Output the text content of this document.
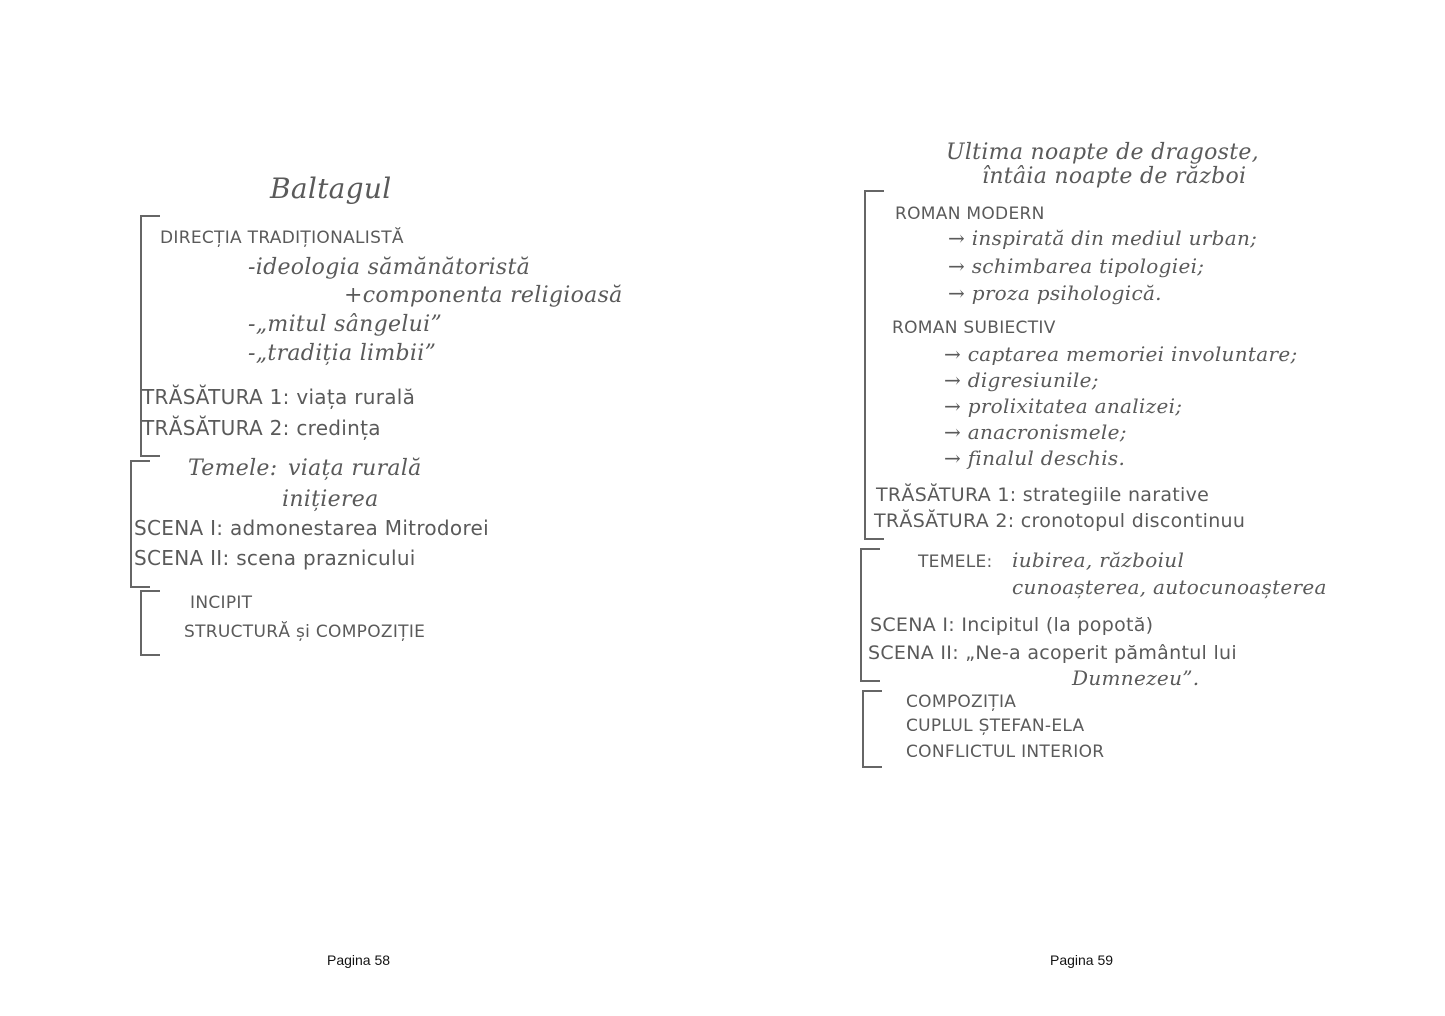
Baltagul
DIRECȚIA TRADIȚIONALISTĂ
-ideologia sămănătoristă
+componenta religioasă
-„mitul sângelui”
-„tradiția limbii”
TRĂSĂTURA 1: viața rurală
TRĂSĂTURA 2: credința
Temele: viața rurală
inițierea
SCENA I: admonestarea Mitrodorei
SCENA II: scena praznicului
INCIPIT
STRUCTURĂ și COMPOZIȚIE
Pagina 58
Ultima noapte de dragoste,
întâia noapte de război
ROMAN MODERN
→ inspirată din mediul urban;
→ schimbarea tipologiei;
→ proza psihologică.
ROMAN SUBIECTIV
→ captarea memoriei involuntare;
→ digresiunile;
→ prolixitatea analizei;
→ anacronismele;
→ finalul deschis.
TRĂSĂTURA 1: strategiile narative
TRĂSĂTURA 2: cronotopul discontinuu
TEMELE: iubirea, războiul
cunoașterea, autocunoașterea
SCENA I: Incipitul (la popotă)
SCENA II: „Ne-a acoperit pământul lui
Dumnezeu”.
COMPOZIȚIA
CUPLUL ȘTEFAN-ELA
CONFLICTUL INTERIOR
Pagina 59
